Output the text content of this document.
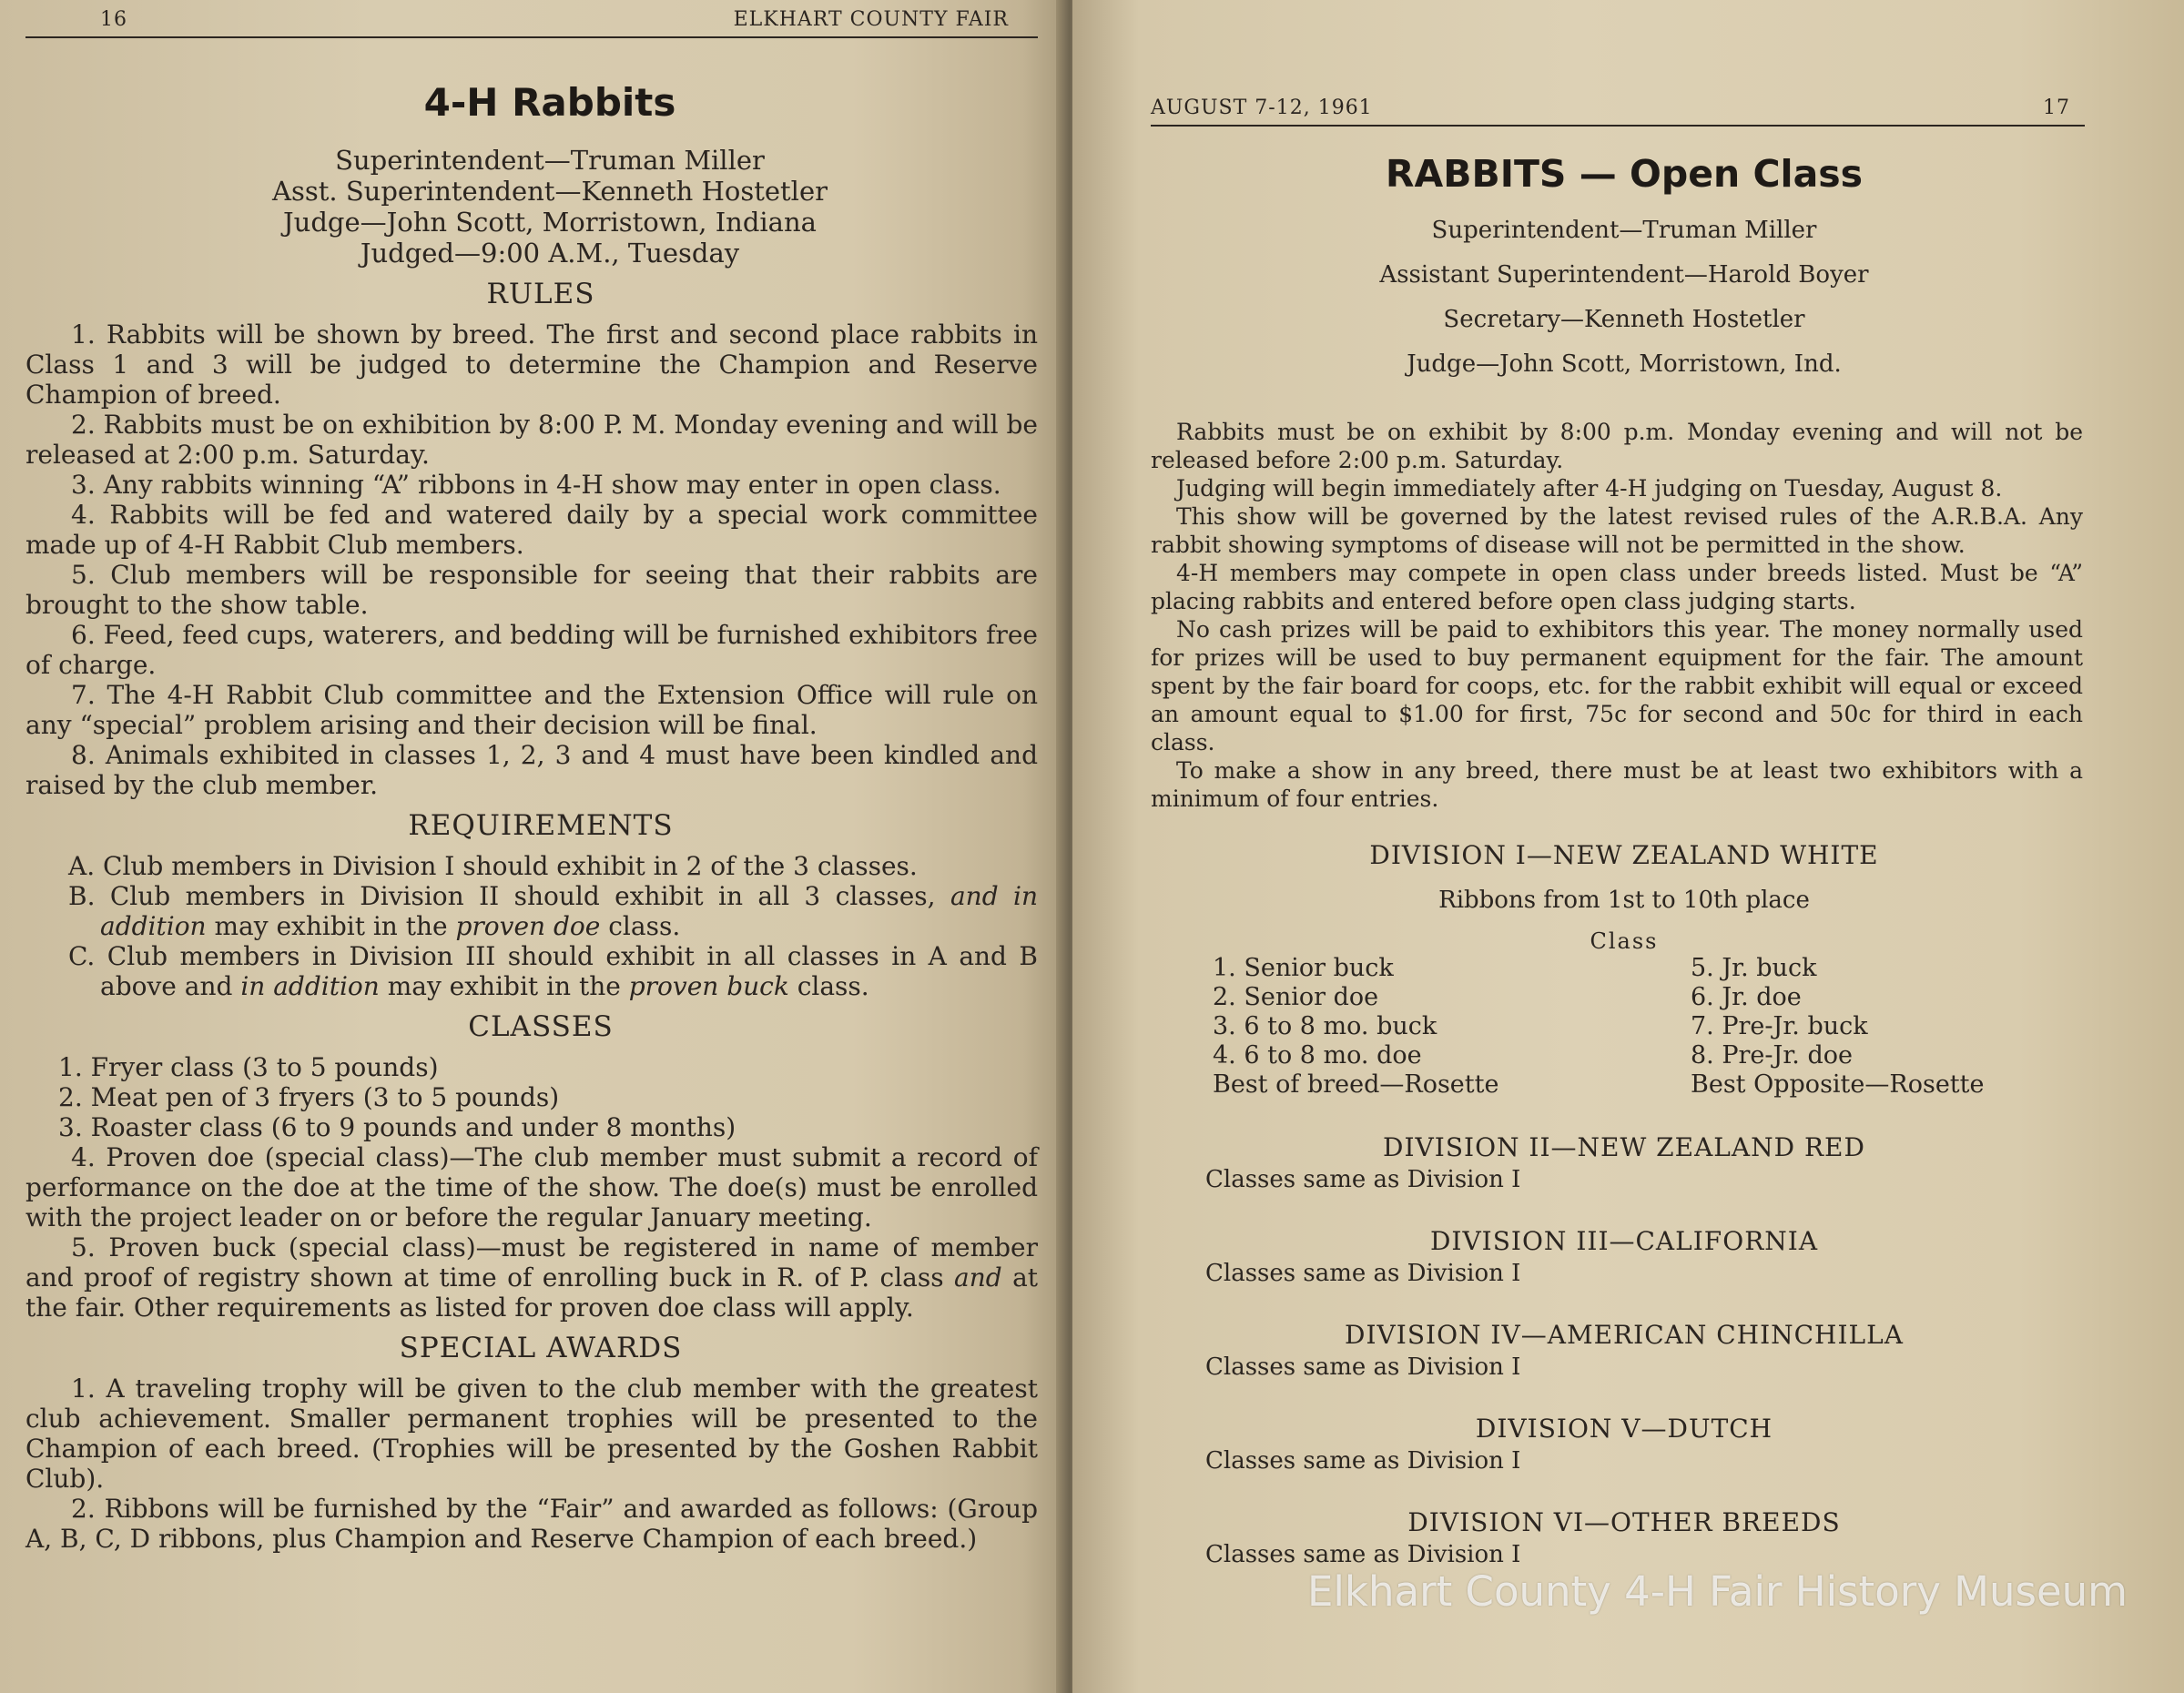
16	ELKHART COUNTY FAIR
4-H Rabbits
Superintendent—Truman Miller
Asst. Superintendent—Kenneth Hostetler
Judge—John Scott, Morristown, Indiana
Judged—9:00 A.M., Tuesday
RULES
1. Rabbits will be shown by breed. The first and second place rabbits in Class 1 and 3 will be judged to determine the Champion and Reserve Champion of breed.
2. Rabbits must be on exhibition by 8:00 P. M. Monday evening and will be released at 2:00 p.m. Saturday.
3. Any rabbits winning “A” ribbons in 4-H show may enter in open class.
4. Rabbits will be fed and watered daily by a special work committee made up of 4-H Rabbit Club members.
5. Club members will be responsible for seeing that their rabbits are brought to the show table.
6. Feed, feed cups, waterers, and bedding will be furnished exhibitors free of charge.
7. The 4-H Rabbit Club committee and the Extension Office will rule on any “special” problem arising and their decision will be final.
8. Animals exhibited in classes 1, 2, 3 and 4 must have been kindled and raised by the club member.
REQUIREMENTS
A. Club members in Division I should exhibit in 2 of the 3 classes.
B. Club members in Division II should exhibit in all 3 classes, and in addition may exhibit in the proven doe class.
C. Club members in Division III should exhibit in all classes in A and B above and in addition may exhibit in the proven buck class.
CLASSES
1. Fryer class (3 to 5 pounds)
2. Meat pen of 3 fryers (3 to 5 pounds)
3. Roaster class (6 to 9 pounds and under 8 months)
4. Proven doe (special class)—The club member must submit a record of performance on the doe at the time of the show. The doe(s) must be enrolled with the project leader on or before the regular January meeting.
5. Proven buck (special class)—must be registered in name of member and proof of registry shown at time of enrolling buck in R. of P. class and at the fair. Other requirements as listed for proven doe class will apply.
SPECIAL AWARDS
1. A traveling trophy will be given to the club member with the greatest club achievement. Smaller permanent trophies will be presented to the Champion of each breed. (Trophies will be presented by the Goshen Rabbit Club).
2. Ribbons will be furnished by the “Fair” and awarded as follows: (Group A, B, C, D ribbons, plus Champion and Reserve Champion of each breed.)
AUGUST 7-12, 1961	17
RABBITS — Open Class
Superintendent—Truman Miller
Assistant Superintendent—Harold Boyer
Secretary—Kenneth Hostetler
Judge—John Scott, Morristown, Ind.
Rabbits must be on exhibit by 8:00 p.m. Monday evening and will not be released before 2:00 p.m. Saturday.
Judging will begin immediately after 4-H judging on Tuesday, August 8.
This show will be governed by the latest revised rules of the A.R.B.A. Any rabbit showing symptoms of disease will not be permitted in the show.
4-H members may compete in open class under breeds listed. Must be “A” placing rabbits and entered before open class judging starts.
No cash prizes will be paid to exhibitors this year. The money normally used for prizes will be used to buy permanent equipment for the fair. The amount spent by the fair board for coops, etc. for the rabbit exhibit will equal or exceed an amount equal to $1.00 for first, 75c for second and 50c for third in each class.
To make a show in any breed, there must be at least two exhibitors with a minimum of four entries.
DIVISION I—NEW ZEALAND WHITE
Ribbons from 1st to 10th place
Class
1. Senior buck	5. Jr. buck
2. Senior doe	6. Jr. doe
3. 6 to 8 mo. buck	7. Pre-Jr. buck
4. 6 to 8 mo. doe	8. Pre-Jr. doe
Best of breed—Rosette	Best Opposite—Rosette
DIVISION II—NEW ZEALAND RED
Classes same as Division I
DIVISION III—CALIFORNIA
Classes same as Division I
DIVISION IV—AMERICAN CHINCHILLA
Classes same as Division I
DIVISION V—DUTCH
Classes same as Division I
DIVISION VI—OTHER BREEDS
Classes same as Division I
Elkhart County 4-H Fair History Museum
